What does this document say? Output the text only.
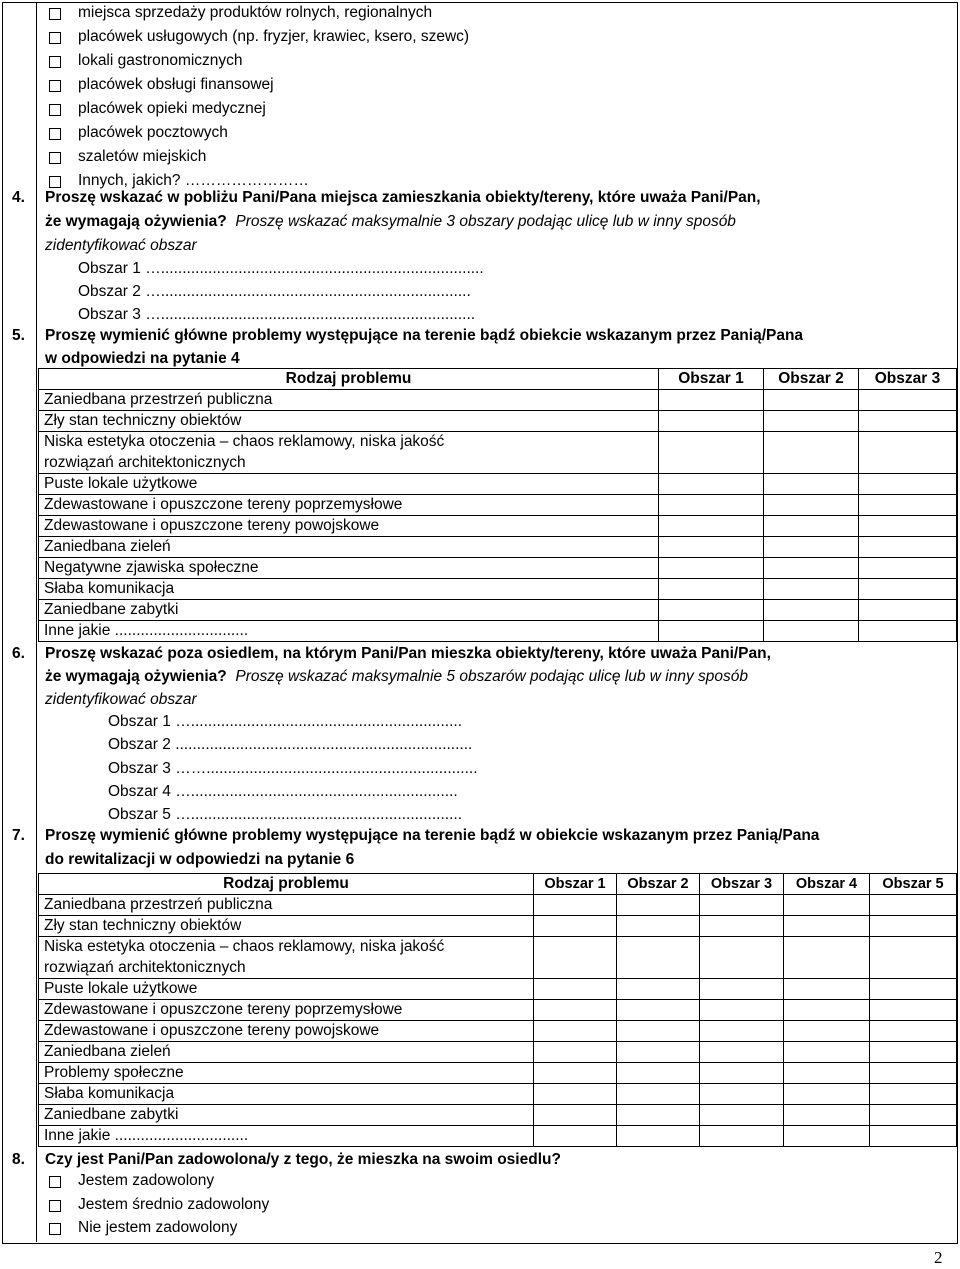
miejsca sprzedaży produktów rolnych, regionalnych
placówek usługowych (np. fryzjer, krawiec, ksero, szewc)
lokali gastronomicznych
placówek obsługi finansowej
placówek opieki medycznej
placówek pocztowych
szaletów miejskich
Innych, jakich? ……………………
4. Proszę wskazać w pobliżu Pani/Pana miejsca zamieszkania obiekty/tereny, które uważa Pani/Pan,
że wymagają ożywienia? Proszę wskazać maksymalnie 3 obszary podając ulicę lub w inny sposób
zidentyfikować obszar
Obszar 1 …...........................................................................
Obszar 2 …........................................................................
Obszar 3 ….........................................................................
5. Proszę wymienić główne problemy występujące na terenie bądź obiekcie wskazanym przez Panią/Pana
w odpowiedzi na pytanie 4
Rodzaj problemu	Obszar 1	Obszar 2	Obszar 3
Zaniedbana przestrzeń publiczna			
Zły stan techniczny obiektów			
Niska estetyka otoczenia – chaos reklamowy, niska jakość rozwiązań architektonicznych			
Puste lokale użytkowe			
Zdewastowane i opuszczone tereny poprzemysłowe			
Zdewastowane i opuszczone tereny powojskowe			
Zaniedbana zieleń			
Negatywne zjawiska społeczne			
Słaba komunikacja			
Zaniedbane zabytki			
Inne jakie ...............................			
6. Proszę wskazać poza osiedlem, na którym Pani/Pan mieszka obiekty/tereny, które uważa Pani/Pan,
że wymagają ożywienia? Proszę wskazać maksymalnie 5 obszarów podając ulicę lub w inny sposób
zidentyfikować obszar
Obszar 1 …...............................................................
Obszar 2 .....................................................................
Obszar 3 ……...............................................................
Obszar 4 …..............................................................
Obszar 5 …...............................................................
7. Proszę wymienić główne problemy występujące na terenie bądź w obiekcie wskazanym przez Panią/Pana
do rewitalizacji w odpowiedzi na pytanie 6
Rodzaj problemu	Obszar 1	Obszar 2	Obszar 3	Obszar 4	Obszar 5
Zaniedbana przestrzeń publiczna					
Zły stan techniczny obiektów					
Niska estetyka otoczenia – chaos reklamowy, niska jakość rozwiązań architektonicznych					
Puste lokale użytkowe					
Zdewastowane i opuszczone tereny poprzemysłowe					
Zdewastowane i opuszczone tereny powojskowe					
Zaniedbana zieleń					
Problemy społeczne					
Słaba komunikacja					
Zaniedbane zabytki					
Inne jakie ...............................					
8. Czy jest Pani/Pan zadowolona/y z tego, że mieszka na swoim osiedlu?
Jestem zadowolony
Jestem średnio zadowolony
Nie jestem zadowolony
2
